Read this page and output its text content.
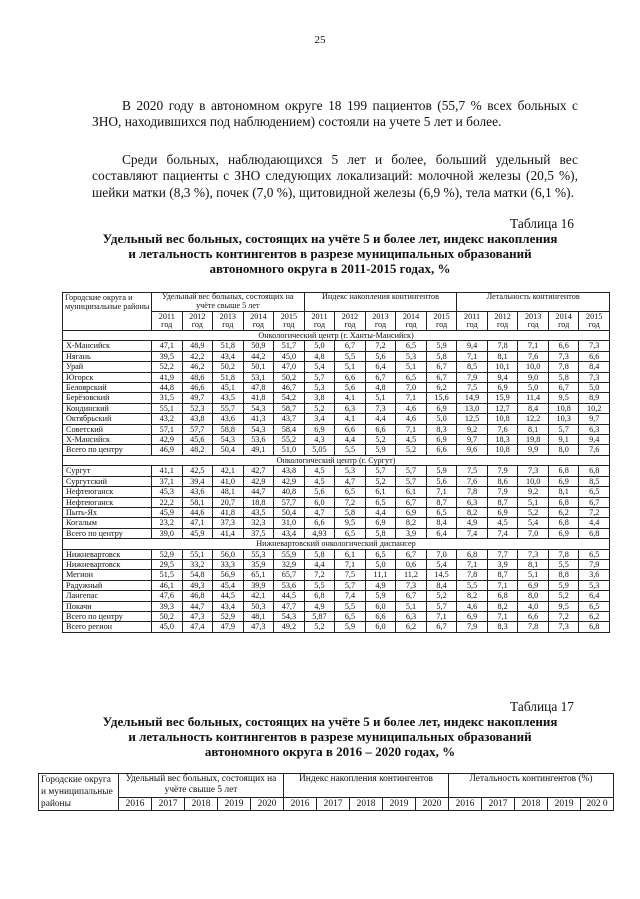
25

В 2020 году в автономном округе 18 199 пациентов (55,7 % всех больных с ЗНО, находившихся под наблюдением) состояли на учете 5 лет и более.

Среди больных, наблюдающихся 5 лет и более, больший удельный вес составляют пациенты с ЗНО следующих локализаций: молочной железы (20,5 %), шейки матки (8,3 %), почек (7,0 %), щитовидной железы (6,9 %), тела матки (6,1 %).

Таблица 16

Удельный вес больных, состоящих на учёте 5 и более лет, индекс накопления
и летальность контингентов в разрезе муниципальных образований
автономного округа в 2011-2015 годах, %

Городские округа и муниципальные районы	Удельный вес больных, состоящих на учёте свыше 5 лет					Индекс накопления контингентов					Летальность контингентов				
	2011 год	2012 год	2013 год	2014 год	2015 год	2011 год	2012 год	2013 год	2014 год	2015 год	2011 год	2012 год	2013 год	2014 год	2015 год
Онкологический центр (г. Ханты-Мансийск)															
Х-Мансийск	47,1	48,9	51,8	50,9	51,7	5,0	6,7	7,2	6,5	5,9	9,4	7,8	7,1	6,6	7,3
Нягань	39,5	42,2	43,4	44,2	45,0	4,8	5,5	5,6	5,3	5,8	7,1	8,1	7,6	7,3	6,6
Урай	52,2	46,2	50,2	50,1	47,0	5,4	5,1	6,4	5,1	6,7	8,5	10,1	10,0	7,8	8,4
Югорск	41,9	48,6	51,8	53,1	50,2	5,7	6,6	6,7	6,5	6,7	7,9	9,4	9,0	5,8	7,3
Белоярский	44,8	46,6	45,1	47,8	46,7	5,3	5,6	4,8	7,0	6,2	7,5	6,9	5,0	6,7	5,0
Берёзовский	31,5	49,7	43,5	41,8	54,2	3,8	4,1	5,1	7,1	15,6	14,9	15,9	11,4	9,5	8,9
Кондинский	55,1	52,3	55,7	54,3	58,7	5,2	6,3	7,3	4,6	6,9	13,0	12,7	8,4	10,8	10,2
Октябрьский	43,2	43,8	43,6	41,3	43,7	3,4	4,1	4,4	4,6	5,0	12,5	10,8	12,2	10,3	9,7
Советский	57,1	57,7	58,8	54,3	58,4	6,9	6,6	6,6	7,1	8,3	9,2	7,6	8,1	5,7	6,3
Х-Мансийск	42,9	45,6	54,3	53,6	55,2	4,3	4,4	5,2	4,5	6,9	9,7	18,3	19,8	9,1	9,4
Всего по центру	46,9	48,2	50,4	49,1	51,0	5,05	5,5	5,9	5,2	6,6	9,6	10,8	9,9	8,0	7,6
Онкологический центр (г. Сургут)															
Сургут	41,1	42,5	42,1	42,7	43,8	4,5	5,3	5,7	5,7	5,9	7,5	7,9	7,3	6,8	6,8
Сургутский	37,1	39,4	41,0	42,9	42,9	4,5	4,7	5,2	5,7	5,6	7,6	8,6	10,0	6,9	8,5
Нефтеюганск	45,3	43,6	48,1	44,7	40,8	5,6	6,5	6,1	6,1	7,1	7,8	7,9	9,2	8,1	6,5
Нефтеюганск	22,2	58,1	20,7	18,8	57,7	6,0	7,2	6,5	6,7	8,7	6,3	8,7	5,1	6,8	6,7
Пыть-Ях	45,9	44,6	41,8	43,5	50,4	4,7	5,8	4,4	6,9	6,5	8,2	6,9	5,2	6,2	7,2
Когалым	23,2	47,1	37,3	32,3	31,0	6,6	9,5	6,9	8,2	8,4	4,9	4,5	5,4	6,8	4,4
Всего по центру	39,0	45,9	41,4	37,5	43,4	4,93	6,5	5,8	3,9	6,4	7,4	7,4	7,0	6,9	6,8
Нижневартовский онкологический диспансер															
Нижневартовск	52,9	55,1	56,0	55,3	55,9	5,8	6,1	6,5	6,7	7,0	6,8	7,7	7,3	7,8	6,5
Нижневартовск	29,5	33,2	33,3	35,9	32,9	4,4	7,1	5,0	0,6	5,4	7,1	3,9	8,1	5,5	7,9
Мегион	51,5	54,8	56,9	65,1	65,7	7,2	7,5	11,1	11,2	14,5	7,8	8,7	5,1	8,8	3,6
Радужный	46,1	49,3	45,4	39,9	53,6	5,5	5,7	4,9	7,3	8,4	5,5	7,1	6,9	5,9	5,3
Лангепас	47,6	46,8	44,5	42,1	44,5	6,8	7,4	5,9	6,7	5,2	8,2	6,8	8,0	5,2	6,4
Покачи	39,3	44,7	43,4	50,3	47,7	4,9	5,5	6,0	5,1	5,7	4,6	8,2	4,0	9,5	6,5
Всего по центру	50,2	47,3	52,9	48,1	54,3	5,87	6,5	6,6	6,3	7,1	6,9	7,1	6,6	7,2	6,2
Всего регион	45,0	47,4	47,9	47,3	49,2	5,2	5,9	6,0	6,2	6,7	7,9	8,3	7,8	7,3	6,8
Таблица 17

Удельный вес больных, состоящих на учёте 5 и более лет, индекс накопления
и летальность контингентов в разрезе муниципальных образований
автономного округа в 2016 – 2020 годах, %

Городские округа и муниципальные районы	Удельный вес больных, состоящих на учёте свыше 5 лет					Индекс накопления контингентов					Летальность контингентов (%)				
	2016	2017	2018	2019	2020	2016	2017	2018	2019	2020	2016	2017	2018	2019	202 0
